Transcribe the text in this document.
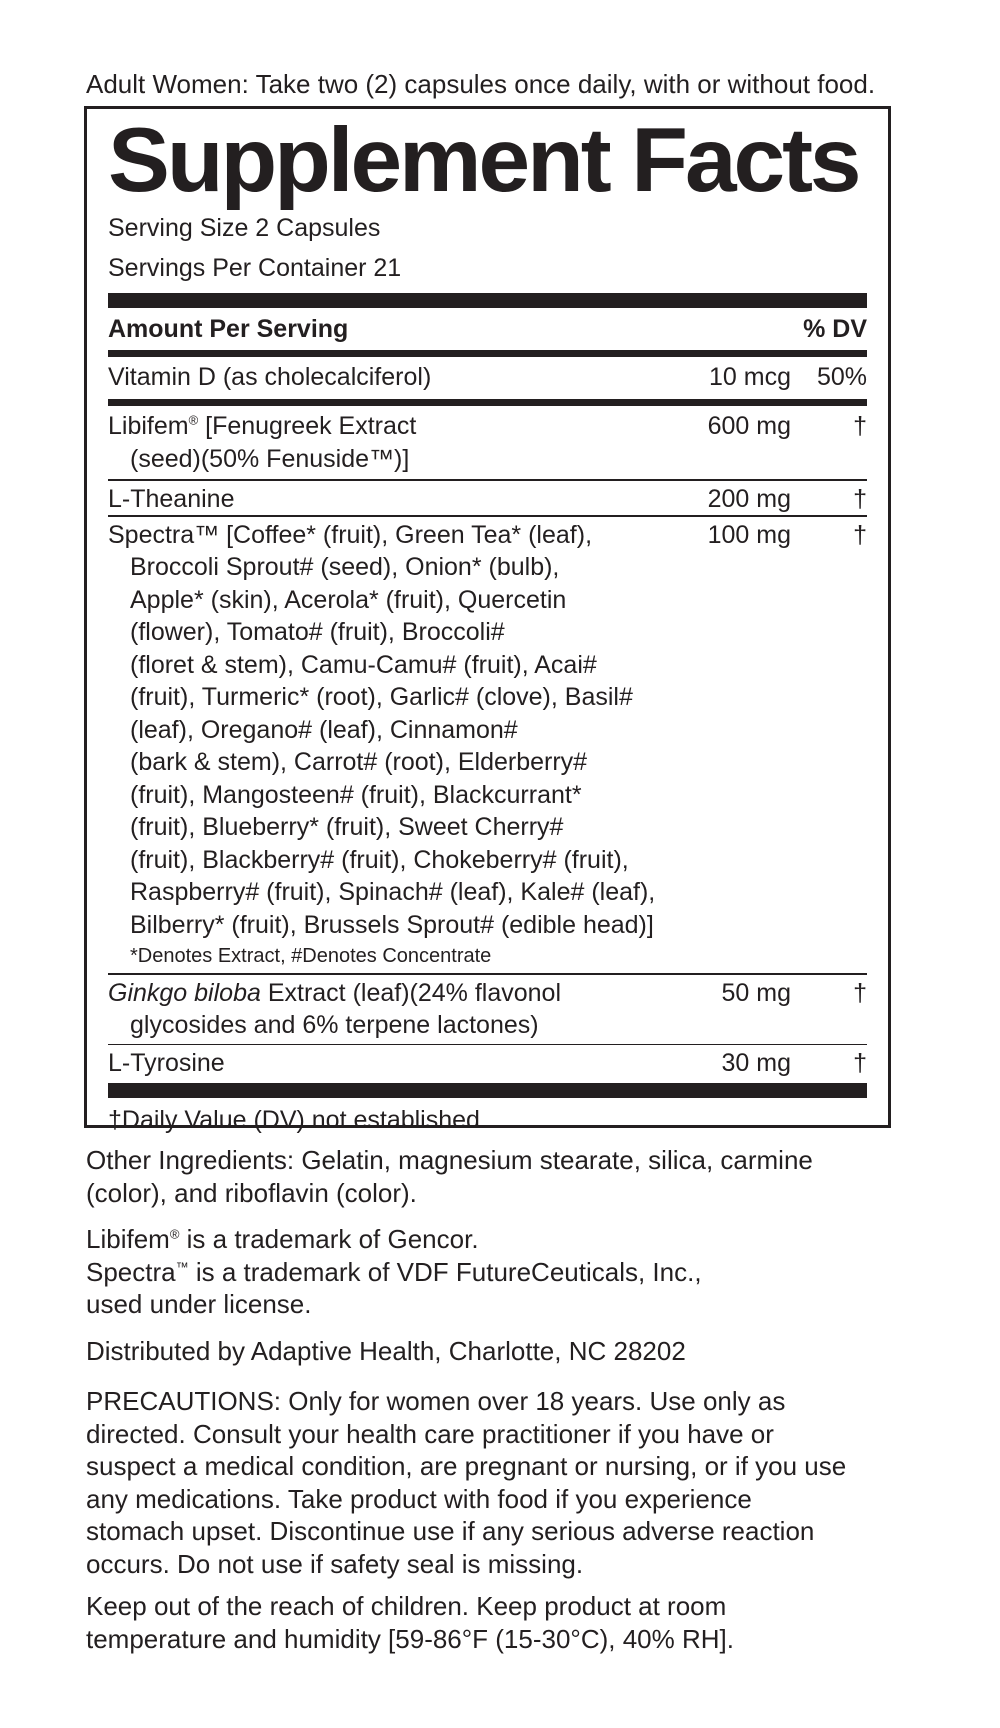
Adult Women: Take two (2) capsules once daily, with or without food.
Supplement Facts
Serving Size 2 Capsules
Servings Per Container 21
Amount Per Serving	% DV
Vitamin D (as cholecalciferol)	10 mcg	50%
Libifem® [Fenugreek Extract
(seed)(50% Fenuside™)]
600 mg	†
L-Theanine	200 mg	†
Spectra™ [Coffee* (fruit), Green Tea* (leaf),
Broccoli Sprout# (seed), Onion* (bulb),
Apple* (skin), Acerola* (fruit), Quercetin
(flower), Tomato# (fruit), Broccoli#
(floret & stem), Camu-Camu# (fruit), Acai#
(fruit), Turmeric* (root), Garlic# (clove), Basil#
(leaf), Oregano# (leaf), Cinnamon#
(bark & stem), Carrot# (root), Elderberry#
(fruit), Mangosteen# (fruit), Blackcurrant*
(fruit), Blueberry* (fruit), Sweet Cherry#
(fruit), Blackberry# (fruit), Chokeberry# (fruit),
Raspberry# (fruit), Spinach# (leaf), Kale# (leaf),
Bilberry* (fruit), Brussels Sprout# (edible head)]
100 mg	†
*Denotes Extract, #Denotes Concentrate
Ginkgo biloba Extract (leaf)(24% flavonol
glycosides and 6% terpene lactones)
50 mg	†
L-Tyrosine	30 mg	†
†Daily Value (DV) not established.
Other Ingredients: Gelatin, magnesium stearate, silica, carmine
(color), and riboflavin (color).
Libifem® is a trademark of Gencor.
Spectra™ is a trademark of VDF FutureCeuticals, Inc.,
used under license.
Distributed by Adaptive Health, Charlotte, NC 28202
PRECAUTIONS: Only for women over 18 years. Use only as
directed. Consult your health care practitioner if you have or
suspect a medical condition, are pregnant or nursing, or if you use
any medications. Take product with food if you experience
stomach upset. Discontinue use if any serious adverse reaction
occurs. Do not use if safety seal is missing.
Keep out of the reach of children. Keep product at room
temperature and humidity [59-86°F (15-30°C), 40% RH].
